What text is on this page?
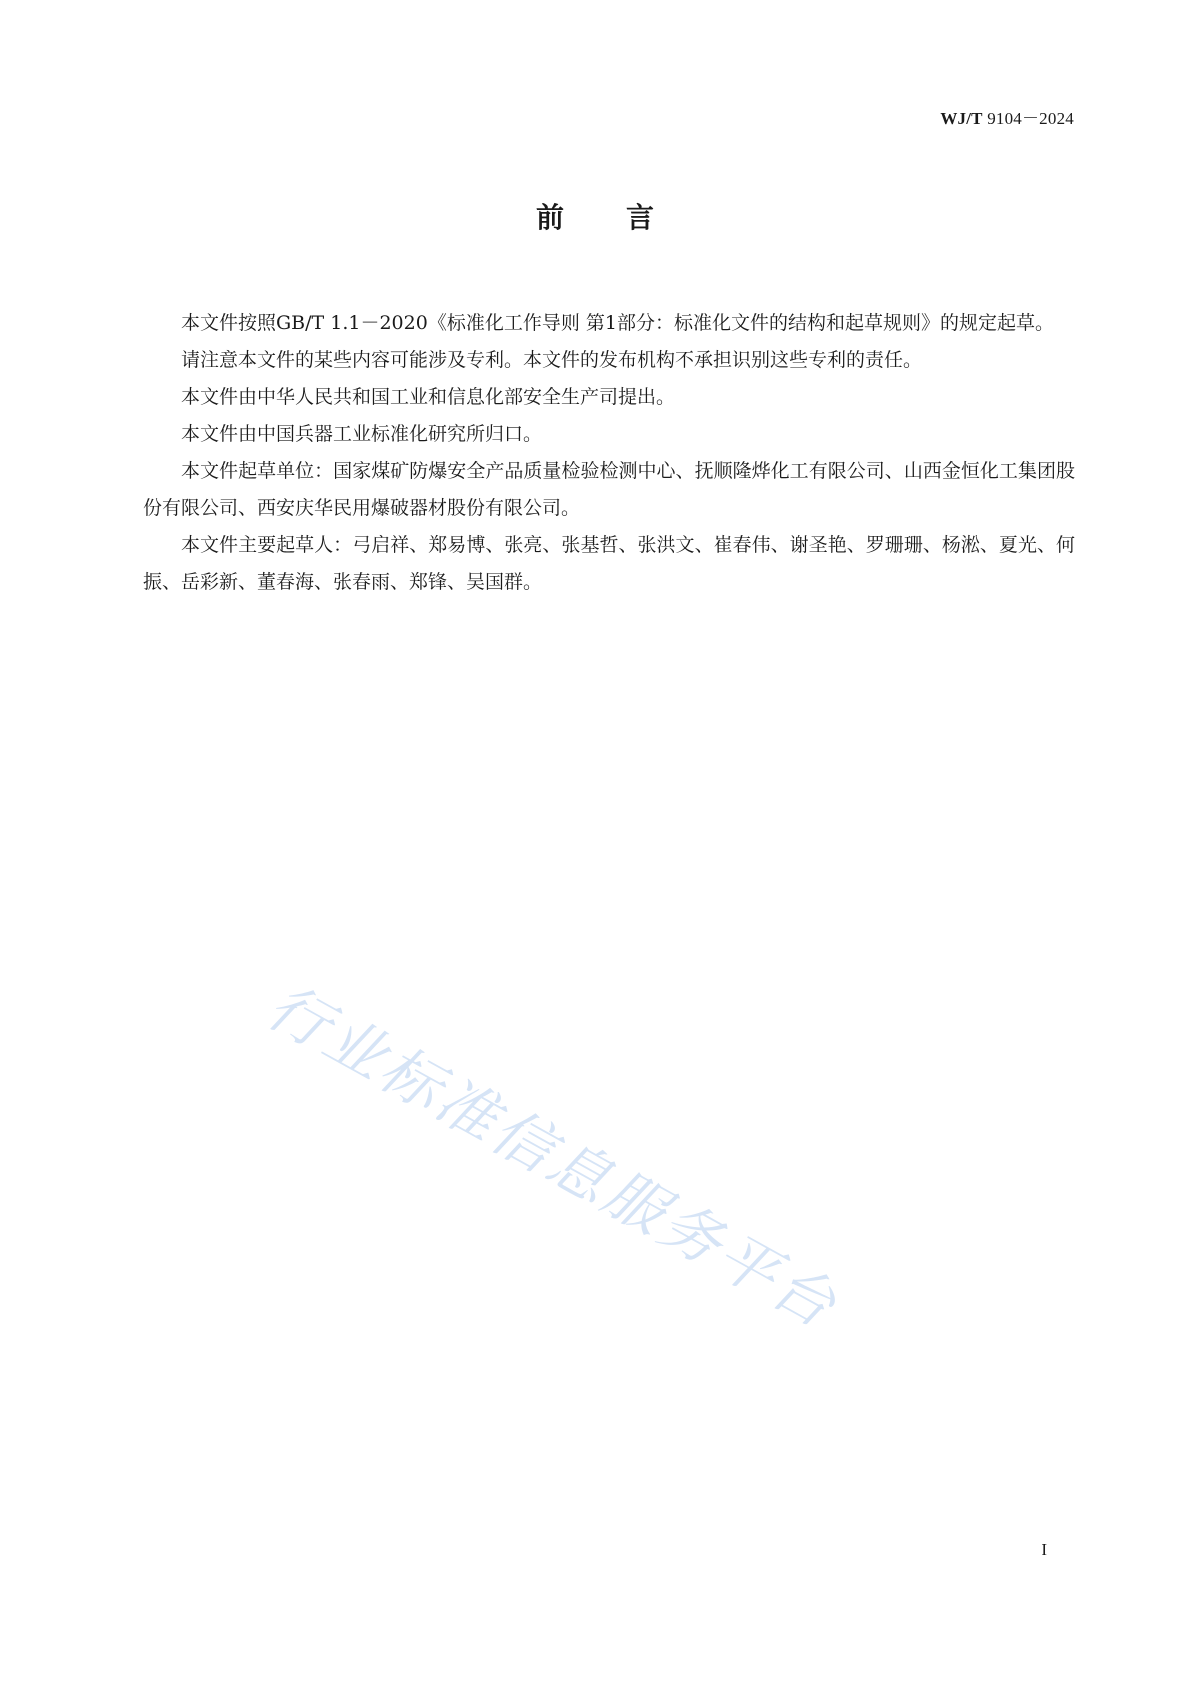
WJ/T 9104－2024
前 言

本文件按照GB/T 1.1－2020《标准化工作导则 第1部分：标准化文件的结构和起草规则》的规定起草。

请注意本文件的某些内容可能涉及专利。本文件的发布机构不承担识别这些专利的责任。

本文件由中华人民共和国工业和信息化部安全生产司提出。

本文件由中国兵器工业标准化研究所归口。

本文件起草单位：国家煤矿防爆安全产品质量检验检测中心、抚顺隆烨化工有限公司、山西金恒化工集团股份有限公司、西安庆华民用爆破器材股份有限公司。

本文件主要起草人：弓启祥、郑易博、张亮、张基哲、张洪文、崔春伟、谢圣艳、罗珊珊、杨淞、夏光、何振、岳彩新、董春海、张春雨、郑锋、吴国群。

行业标准信息服务平台
I
